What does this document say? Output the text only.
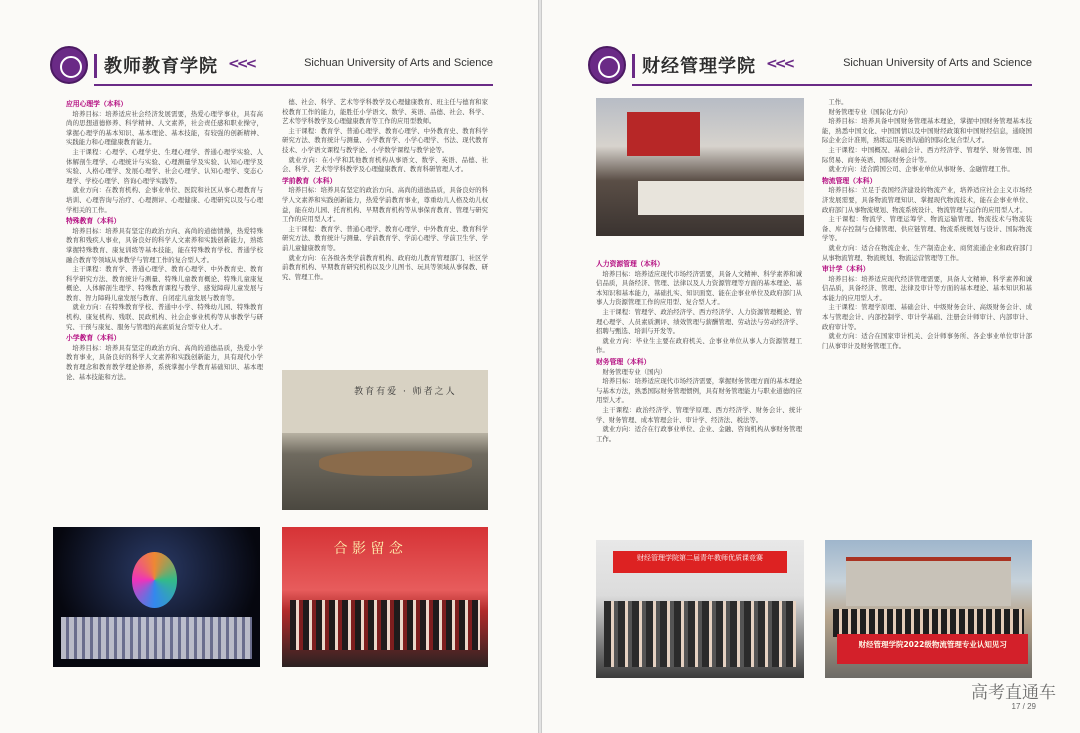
教师教育学院 <<<	Sichuan University of Arts and Science
应用心理学（本科）

培养目标：培养适应社会经济发展需要，热爱心理学事业，具有高尚的思想道德修养、科学精神、人文素养，社会责任感和职业操守，掌握心理学的基本知识、基本理论、基本技能，有较强的创新精神、实践能力和心理健康教育能力。

主干课程：心理学、心理学史、生理心理学、普通心理学实验、人体解剖生理学、心理统计与实验、心理测量学及实验、认知心理学及实验、人格心理学、发展心理学、社会心理学、认知心理学、变态心理学、学校心理学、咨询心理学实践等。

就业方向：在教育机构、企事业单位、医院和社区从事心理教育与培训、心理咨询与治疗、心理测评、心理健康、心理研究以及与心理学相关的工作。

特殊教育（本科）

培养目标：培养具有坚定的政治方向、高尚的道德情操，热爱特殊教育和残疾人事业，具备良好的科学人文素养和实践创新能力，熟练掌握特殊教育、康复训练等基本技能，能在特殊教育学校、普通学校融合教育等领域从事教学与管理工作的复合型人才。

主干课程：教育学、普通心理学、教育心理学、中外教育史、教育科学研究方法、教育统计与测量、特殊儿童教育概论、特殊儿童康复概论、人体解剖生理学、特殊教育课程与教学、感觉障碍儿童发展与教育、智力障碍儿童发展与教育、自闭症儿童发展与教育等。

就业方向：在特殊教育学校、普通中小学、特殊幼儿园、特殊教育机构、康复机构、残联、民政机构、社会企事业机构等从事教学与研究、干预与康复、服务与管理的高素质复合型专业人才。

小学教育（本科）

培养目标：培养具有坚定的政治方向、高尚的道德品质，热爱小学教育事业，具备良好的科学人文素养和实践创新能力，具有现代小学教育理念和教育教学理论修养，系统掌握小学教育基础知识、基本理论、基本技能和方法。

德、社会、科学、艺术等学科教学及心理健康教育、班主任与德育和家校教育工作的能力，能胜任小学语文、数学、英语、品德、社会、科学、艺术等学科教学及心理健康教育等工作的应用型教师。

主干课程：教育学、普通心理学、教育心理学、中外教育史、教育科学研究方法、教育统计与测量、小学教育学、小学心理学、书法、现代教育技术、小学语文课程与教学论、小学数学课程与教学论等。

就业方向：在小学和其他教育机构从事语文、数学、英语、品德、社会、科学、艺术等学科教学及心理健康教育、教育科研管理人才。

学前教育（本科）

培养目标：培养具有坚定的政治方向、高尚的道德品质，具备良好的科学人文素养和实践创新能力，热爱学前教育事业，尊重幼儿人格及幼儿权益，能在幼儿园、托育机构、早期教育机构等从事保育教育、管理与研究工作的应用型人才。

主干课程：教育学、普通心理学、教育心理学、中外教育史、教育科学研究方法、教育统计与测量、学前教育学、学前心理学、学前卫生学、学前儿童健康教育等。

就业方向：在各级各类学前教育机构、政府幼儿教育管理部门、社区学前教育机构、早期教育研究机构以及少儿图书、玩具等领域从事保教、研究、管理工作。

教育有爱 · 师者之人
合 影 留 念
财经管理学院 <<<	Sichuan University of Arts and Science
人力资源管理（本科）

培养目标：培养适应现代市场经济需要，具备人文精神、科学素养和诚信品质，具备经济、管理、法律以及人力资源管理等方面的基本理论、基本知识和基本能力，基础扎实、知识面宽、能在企事业单位及政府部门从事人力资源管理工作的应用型、复合型人才。

主干课程：管理学、政治经济学、西方经济学、人力资源管理概论、管理心理学、人员素质测评、绩效管理与薪酬管理、劳动法与劳动经济学、招聘与甄选、培训与开发等。

就业方向：毕业生主要在政府机关、企事业单位从事人力资源管理工作。

财务管理（本科）

财务管理专业（国内）

培养目标：培养适应现代市场经济需要，掌握财务管理方面的基本理论与基本方法，熟悉国际财务管理惯例，具有财务管理能力与职业道德的应用型人才。

主干课程：政治经济学、管理学原理、西方经济学、财务会计、统计学、财务管理、成本管理会计、审计学、经济法、税法等。

就业方向：适合在行政事业单位、企业、金融、咨询机构从事财务管理工作。

工作。

财务管理专业（国际化方向）

培养目标：培养具备中国财务管理基本理论，掌握中国财务管理基本技能，熟悉中国文化、中国国情以及中国财经政策和中国财经信息，通晓国际企业会计准则，熟练运用英语沟通的国际化复合型人才。

主干课程：中国概况、基础会计、西方经济学、管理学、财务管理、国际贸易、商务英语、国际财务会计等。

就业方向：适合跨国公司、企事业单位从事财务、金融管理工作。

物流管理（本科）

培养目标：立足于我国经济建设的物流产业，培养适应社会主义市场经济发展需要，具备物流管理知识、掌握现代物流技术，能在企事业单位、政府部门从事物流规划、物流系统设计、物流管理与运作的应用型人才。

主干课程：物流学、管理运筹学、物流运输管理、物流技术与物流装备、库存控制与仓储管理、供应链管理、物流系统规划与设计、国际物流学等。

就业方向：适合在物流企业、生产制造企业、商贸流通企业和政府部门从事物流管理、物流规划、物流运营管理等工作。

审计学（本科）

培养目标：培养适应现代经济管理需要，具备人文精神、科学素养和诚信品质，具备经济、管理、法律及审计等方面的基本理论、基本知识和基本能力的应用型人才。

主干课程：管理学原理、基础会计、中级财务会计、高级财务会计、成本与管理会计、内部控制学、审计学基础、注册会计师审计、内部审计、政府审计等。

就业方向：适合在国家审计机关、会计师事务所、各企事业单位审计部门从事审计及财务管理工作。

财经管理学院第二届青年教师优质课竞赛
财经管理学院2022级物流管理专业认知见习
17 / 29
高考直通车
